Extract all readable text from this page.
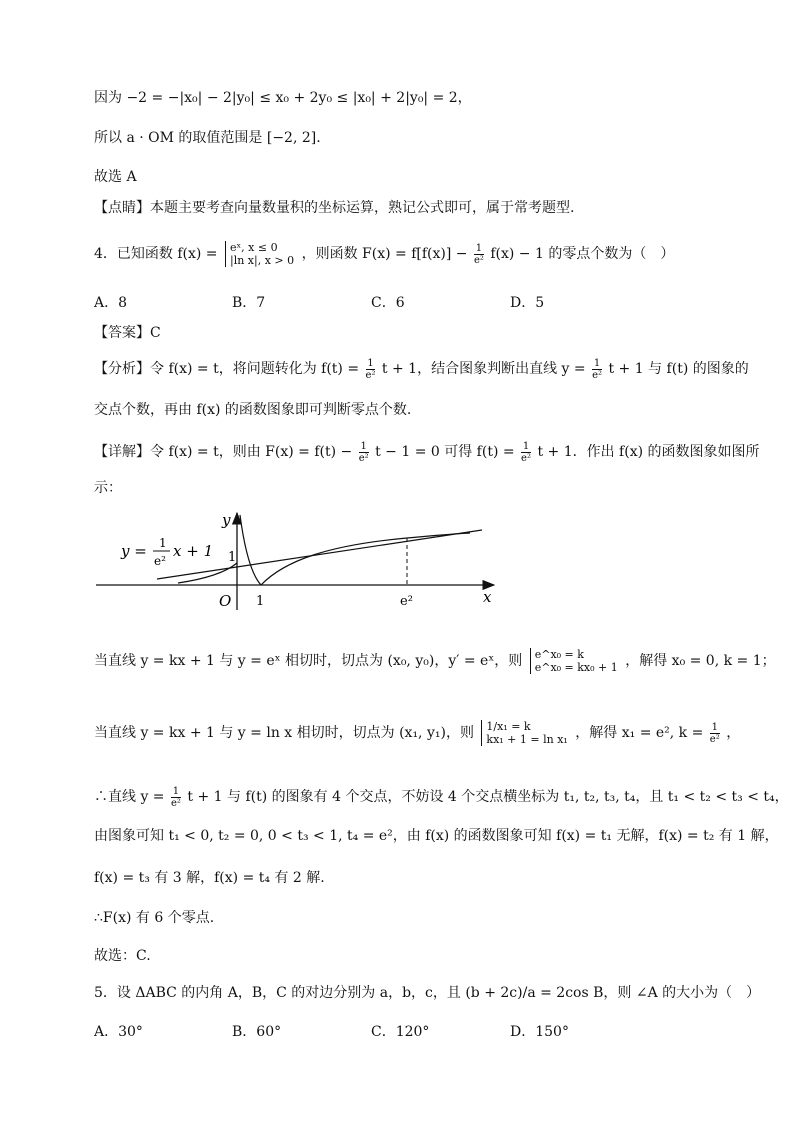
因为 −2 = −|x₀| − 2|y₀| ≤ x₀ + 2y₀ ≤ |x₀| + 2|y₀| = 2，
所以 a · OM 的取值范围是 [−2, 2].
故选 A
【点睛】本题主要考查向量数量积的坐标运算，熟记公式即可，属于常考题型.
4．已知函数 f(x) = eˣ, x ≤ 0
|ln x|, x > 0 ，则函数 $F(x) = f[f(x)] - \frac{1}{\text{e²}} f(x) - 1$ 的零点个数为（　）
A．8	B．7	C．6	D．5
【答案】C
【分析】令 f(x) = t，将问题转化为 $f(t) = \frac{1}{\text{e²}}$ t + 1，结合图象判断出直线 $y = \frac{1}{\text{e²}}$ t + 1 与 f(t) 的图象的
交点个数，再由 f(x) 的函数图象即可判断零点个数.
【详解】令 f(x) = t，则由 $F(x) = f(t) - \frac{1}{\text{e²}}$ t − 1 = 0 可得 $f(t) = \frac{1}{\text{e²}}$ t + 1．作出 f(x) 的函数图象如图所
示：
y
x
O
1
1	e²
y = 1
e²
x + 1
当直线 y = kx + 1 与 y = eˣ 相切时，切点为 (x₀, y₀)，y′ = eˣ，则 e^x₀ = k
e^x₀ = kx₀ + 1 ，解得 x₀ = 0, k = 1；
当直线 y = kx + 1 与 y = ln x 相切时，切点为 (x₁, y₁)，则 1/x₁ = k
kx₁ + 1 = ln x₁ ，解得 x₁ = e², $k = \frac{1}{\text{e²}}$ ，
∴直线 $y = \frac{1}{\text{e²}}$ t + 1 与 f(t) 的图象有 4 个交点，不妨设 4 个交点横坐标为 t₁, t₂, t₃, t₄，且 t₁ < t₂ < t₃ < t₄，
由图象可知 t₁ < 0, t₂ = 0, 0 < t₃ < 1, t₄ = e²，由 f(x) 的函数图象可知 f(x) = t₁ 无解，f(x) = t₂ 有 1 解，
f(x) = t₃ 有 3 解，f(x) = t₄ 有 2 解.
∴F(x) 有 6 个零点.
故选：C.
5．设 ΔABC 的内角 A，B，C 的对边分别为 a，b，c，且 (b + 2c)/a = 2cos B，则 ∠A 的大小为（　）
A．30°	B．60°	C．120°	D．150°
